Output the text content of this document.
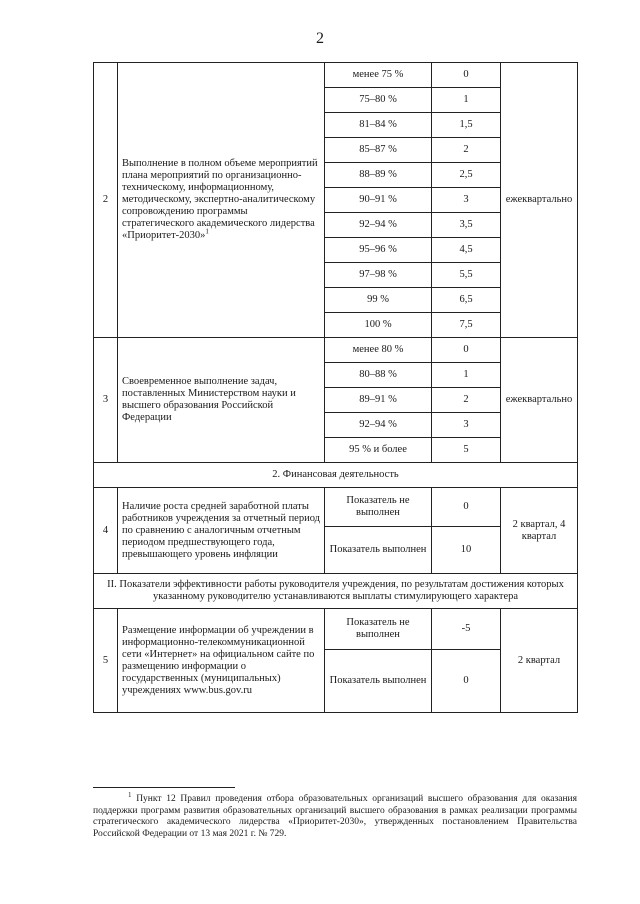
2
2	Выполнение в полном объеме мероприятий плана мероприятий по организационно-техническому, информационному, методическому, экспертно-аналитическому сопровождению программы стратегического академического лидерства «Приоритет-2030»$^1$	менее 75 %	0	ежеквартально
		75–80 %	1	
		81–84 %	1,5	
		85–87 %	2	
		88–89 %	2,5	
		90–91 %	3	
		92–94 %	3,5	
		95–96 %	4,5	
		97–98 %	5,5	
		99 %	6,5	
		100 %	7,5	
3	Своевременное выполнение задач, поставленных Министерством науки и высшего образования Российской Федерации	менее 80 %	0	ежеквартально
		80–88 %	1	
		89–91 %	2	
		92–94 %	3	
		95 % и более	5	
2. Финансовая деятельность				
4	Наличие роста средней заработной платы работников учреждения за отчетный период по сравнению с аналогичным отчетным периодом предшествующего года, превышающего уровень инфляции	Показатель не выполнен	0	2 квартал, 4 квартал
		Показатель выполнен	10	
II. Показатели эффективности работы руководителя учреждения, по результатам достижения которых указанному руководителю устанавливаются выплаты стимулирующего характера				
5	Размещение информации об учреждении в информационно-телекоммуникационной сети «Интернет» на официальном сайте по размещению информации о государственных (муниципальных) учреждениях www.bus.gov.ru	Показатель не выполнен	-5	2 квартал
		Показатель выполнен	0	
$^1$ Пункт 12 Правил проведения отбора образовательных организаций высшего образования для оказания поддержки программ развития образовательных организаций высшего образования в рамках реализации программы стратегического академического лидерства «Приоритет-2030», утвержденных постановлением Правительства Российской Федерации от 13 мая 2021 г. № 729.
